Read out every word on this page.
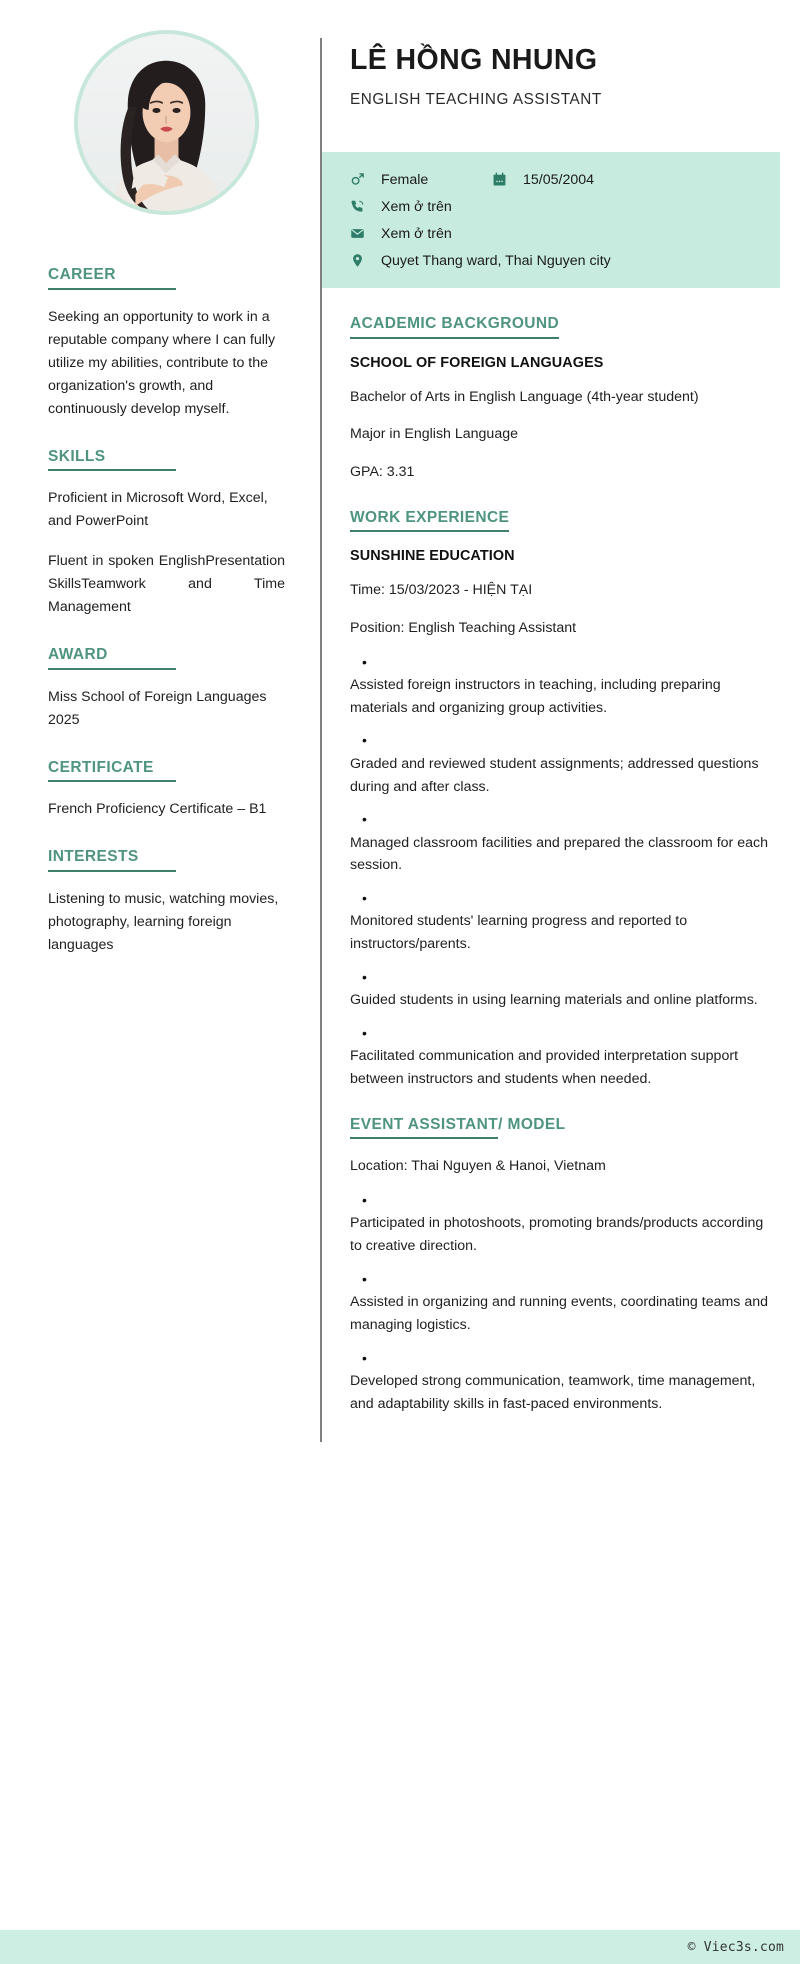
CAREER

Seeking an opportunity to work in a reputable company where I can fully utilize my abilities, contribute to the organization's growth, and continuously develop myself.

SKILLS

Proficient in Microsoft Word, Excel, and PowerPoint

Fluent in spoken EnglishPresentation SkillsTeamwork and Time Management

AWARD

Miss School of Foreign Languages 2025

CERTIFICATE

French Proficiency Certificate – B1

INTERESTS

Listening to music, watching movies, photography, learning foreign languages

LÊ HỒNG NHUNG
ENGLISH TEACHING ASSISTANT
Female	15/05/2004
Xem ở trên
Xem ở trên
Quyet Thang ward, Thai Nguyen city
ACADEMIC BACKGROUND
SCHOOL OF FOREIGN LANGUAGES

Bachelor of Arts in English Language (4th-year student)

Major in English Language

GPA: 3.31

WORK EXPERIENCE
SUNSHINE EDUCATION

Time: 15/03/2023 - HIỆN TẠI

Position: English Teaching Assistant

•
Assisted foreign instructors in teaching, including preparing materials and organizing group activities.
•
Graded and reviewed student assignments; addressed questions during and after class.
•
Managed classroom facilities and prepared the classroom for each session.
•
Monitored students' learning progress and reported to instructors/parents.
•
Guided students in using learning materials and online platforms.
•
Facilitated communication and provided interpretation support between instructors and students when needed.
EVENT ASSISTANT/ MODEL

Location: Thai Nguyen & Hanoi, Vietnam

•
Participated in photoshoots, promoting brands/products according to creative direction.
•
Assisted in organizing and running events, coordinating teams and managing logistics.
•
Developed strong communication, teamwork, time management, and adaptability skills in fast-paced environments.
© Viec3s.com
